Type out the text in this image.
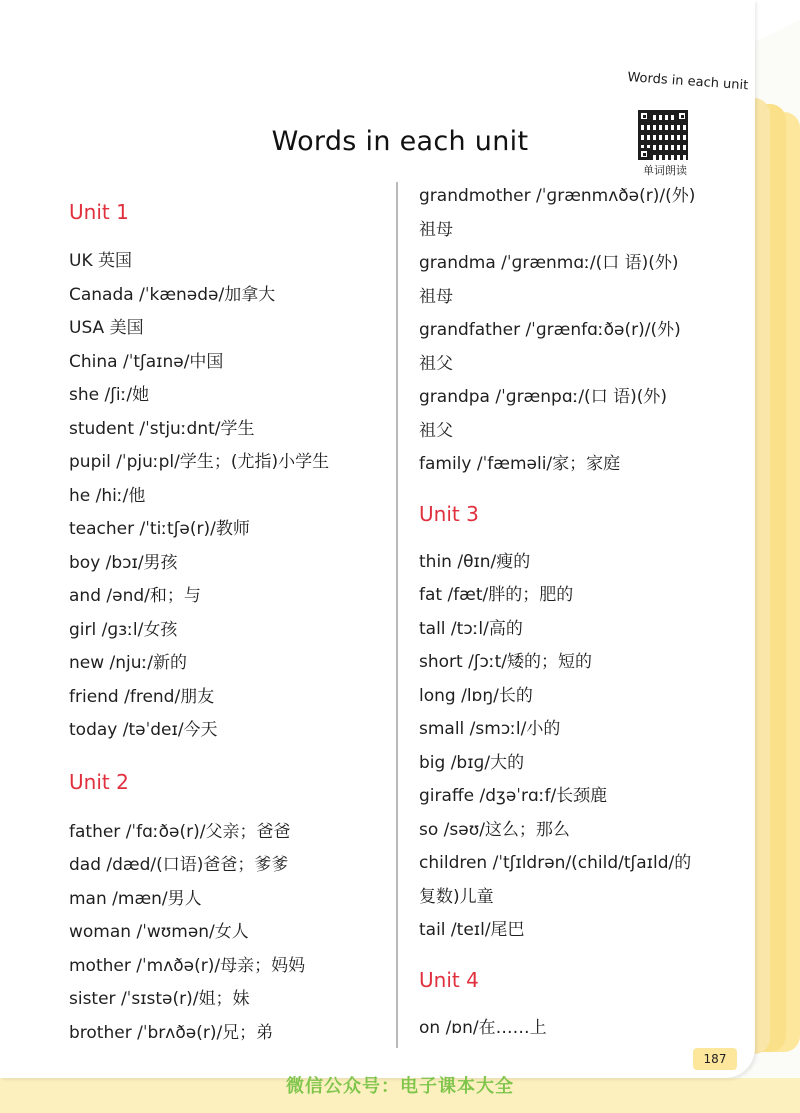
Words in each unit
单词朗读
Words in each unit
Unit 1
UK 英国
Canada /ˈkænədə/加拿大
USA 美国
China /ˈtʃaɪnə/中国
she /ʃiː/她
student /ˈstjuːdnt/学生
pupil /ˈpjuːpl/学生；(尤指)小学生
he /hiː/他
teacher /ˈtiːtʃə(r)/教师
boy /bɔɪ/男孩
and /ənd/和；与
girl /ɡɜːl/女孩
new /njuː/新的
friend /frend/朋友
today /təˈdeɪ/今天
Unit 2
father /ˈfɑːðə(r)/父亲；爸爸
dad /dæd/(口语)爸爸；爹爹
man /mæn/男人
woman /ˈwʊmən/女人
mother /ˈmʌðə(r)/母亲；妈妈
sister /ˈsɪstə(r)/姐；妹
brother /ˈbrʌðə(r)/兄；弟
grandmother /ˈɡrænmʌðə(r)/(外)
祖母
grandma /ˈɡrænmɑː/(口 语)(外)
祖母
grandfather /ˈɡrænfɑːðə(r)/(外)
祖父
grandpa /ˈɡrænpɑː/(口 语)(外)
祖父
family /ˈfæməli/家；家庭
Unit 3
thin /θɪn/瘦的
fat /fæt/胖的；肥的
tall /tɔːl/高的
short /ʃɔːt/矮的；短的
long /lɒŋ/长的
small /smɔːl/小的
big /bɪɡ/大的
giraffe /dʒəˈrɑːf/长颈鹿
so /səʊ/这么；那么
children /ˈtʃɪldrən/(child/tʃaɪld/的
复数)儿童
tail /teɪl/尾巴
Unit 4
on /ɒn/在……上
187
微信公众号：电子课本大全
